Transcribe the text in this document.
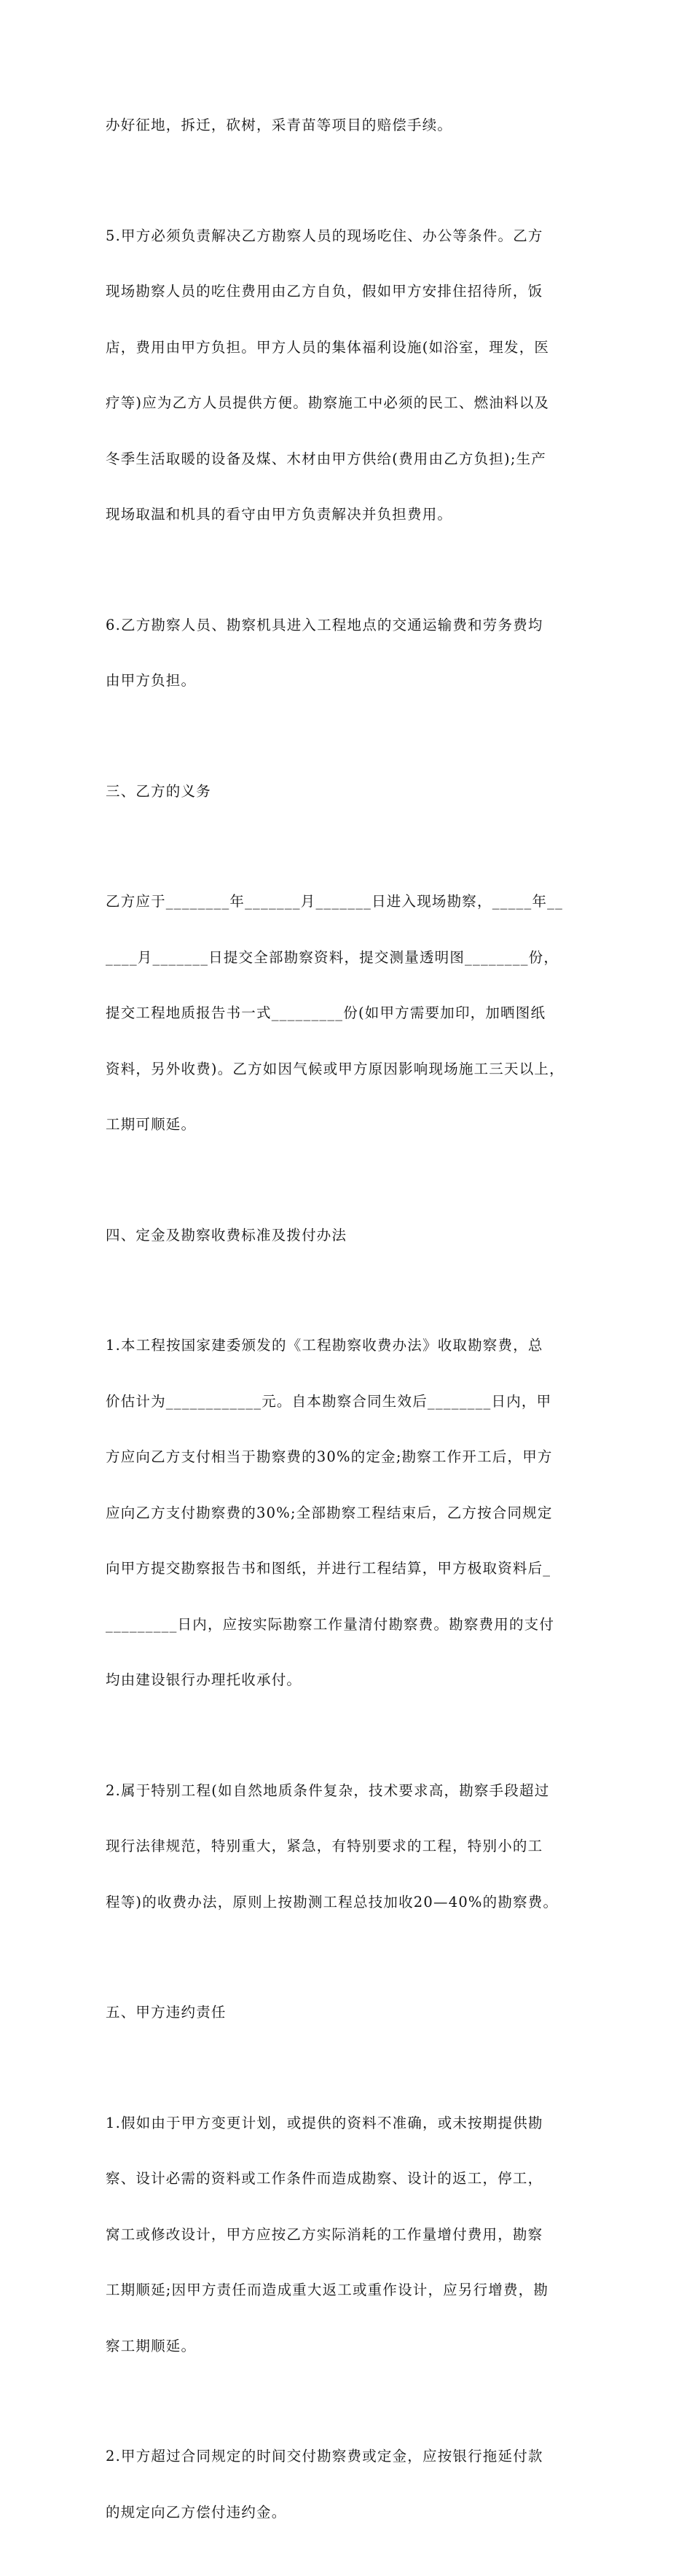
办好征地，拆迁，砍树，采青苗等项目的赔偿手续。

5.甲方必须负责解决乙方勘察人员的现场吃住、办公等条件。乙方

现场勘察人员的吃住费用由乙方自负，假如甲方安排住招待所，饭

店，费用由甲方负担。甲方人员的集体福利设施(如浴室，理发，医

疗等)应为乙方人员提供方便。勘察施工中必须的民工、燃油料以及

冬季生活取暖的设备及煤、木材由甲方供给(费用由乙方负担);生产

现场取温和机具的看守由甲方负责解决并负担费用。

6.乙方勘察人员、勘察机具进入工程地点的交通运输费和劳务费均

由甲方负担。

三、乙方的义务

乙方应于________年_______月_______日进入现场勘察，_____年__

____月_______日提交全部勘察资料，提交测量透明图________份，

提交工程地质报告书一式_________份(如甲方需要加印，加晒图纸

资料，另外收费)。乙方如因气候或甲方原因影响现场施工三天以上，

工期可顺延。

四、定金及勘察收费标准及拨付办法

1.本工程按国家建委颁发的《工程勘察收费办法》收取勘察费，总

价估计为____________元。自本勘察合同生效后________日内，甲

方应向乙方支付相当于勘察费的30%的定金;勘察工作开工后，甲方

应向乙方支付勘察费的30%;全部勘察工程结束后，乙方按合同规定

向甲方提交勘察报告书和图纸，并进行工程结算，甲方极取资料后_

_________日内，应按实际勘察工作量清付勘察费。勘察费用的支付

均由建设银行办理托收承付。

2.属于特别工程(如自然地质条件复杂，技术要求高，勘察手段超过

现行法律规范，特别重大，紧急，有特别要求的工程，特别小的工

程等)的收费办法，原则上按勘测工程总技加收20—40%的勘察费。

五、甲方违约责任

1.假如由于甲方变更计划，或提供的资料不准确，或未按期提供勘

察、设计必需的资料或工作条件而造成勘察、设计的返工，停工，

窝工或修改设计，甲方应按乙方实际消耗的工作量增付费用，勘察

工期顺延;因甲方责任而造成重大返工或重作设计，应另行增费，勘

察工期顺延。

2.甲方超过合同规定的时间交付勘察费或定金，应按银行拖延付款

的规定向乙方偿付违约金。
